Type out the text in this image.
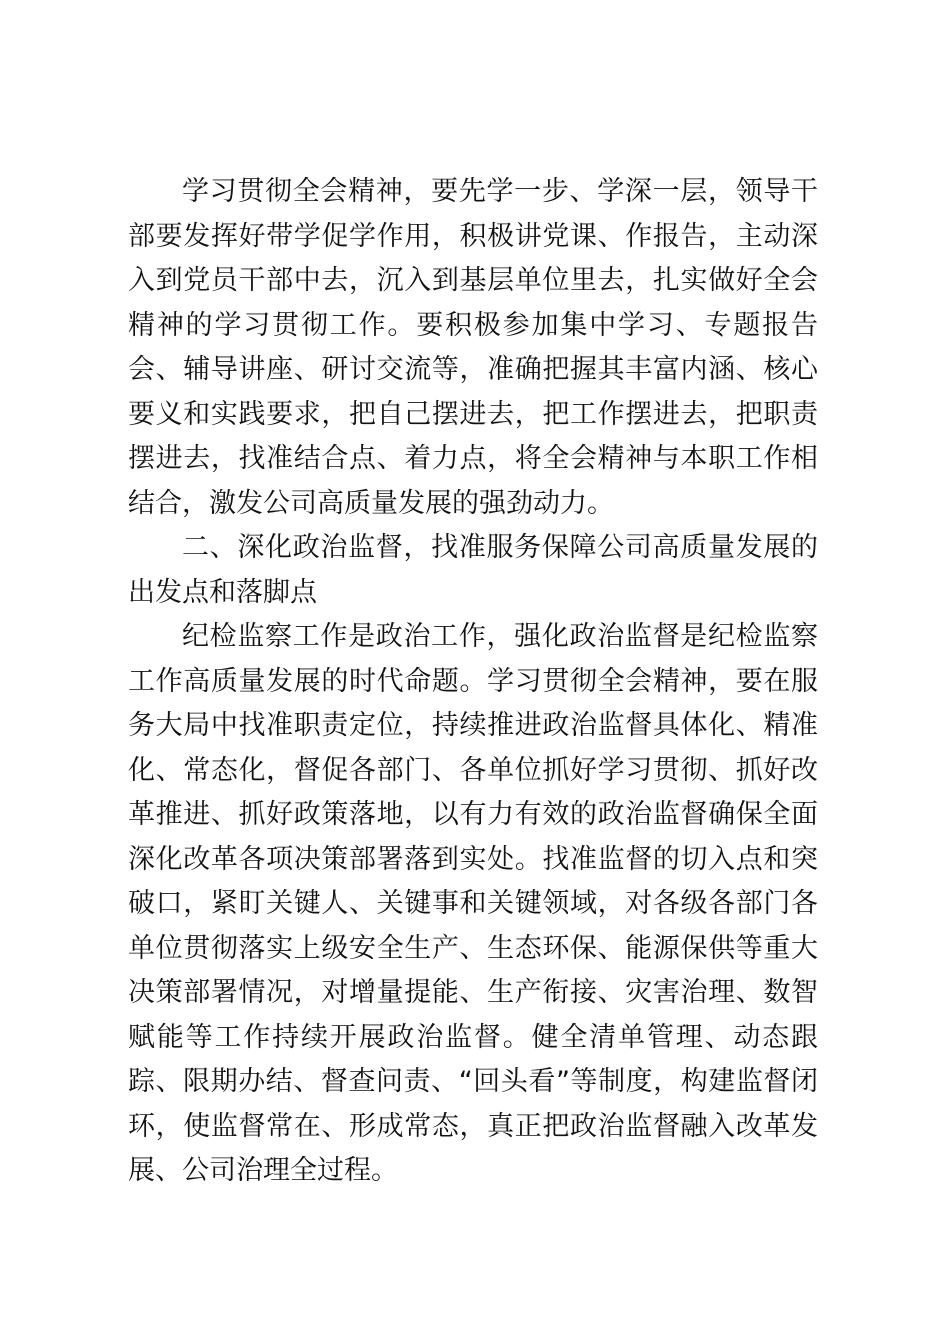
学习贯彻全会精神，要先学一步、学深一层，领导干部要发挥好带学促学作用，积极讲党课、作报告，主动深入到党员干部中去，沉入到基层单位里去，扎实做好全会精神的学习贯彻工作。要积极参加集中学习、专题报告会、辅导讲座、研讨交流等，准确把握其丰富内涵、核心要义和实践要求，把自己摆进去，把工作摆进去，把职责摆进去，找准结合点、着力点，将全会精神与本职工作相结合，激发公司高质量发展的强劲动力。

二、深化政治监督，找准服务保障公司高质量发展的出发点和落脚点

纪检监察工作是政治工作，强化政治监督是纪检监察工作高质量发展的时代命题。学习贯彻全会精神，要在服务大局中找准职责定位，持续推进政治监督具体化、精准化、常态化，督促各部门、各单位抓好学习贯彻、抓好改革推进、抓好政策落地，以有力有效的政治监督确保全面深化改革各项决策部署落到实处。找准监督的切入点和突破口，紧盯关键人、关键事和关键领域，对各级各部门各单位贯彻落实上级安全生产、生态环保、能源保供等重大决策部署情况，对增量提能、生产衔接、灾害治理、数智赋能等工作持续开展政治监督。健全清单管理、动态跟踪、限期办结、督查问责、“回头看”等制度，构建监督闭环，使监督常在、形成常态，真正把政治监督融入改革发展、公司治理全过程。
